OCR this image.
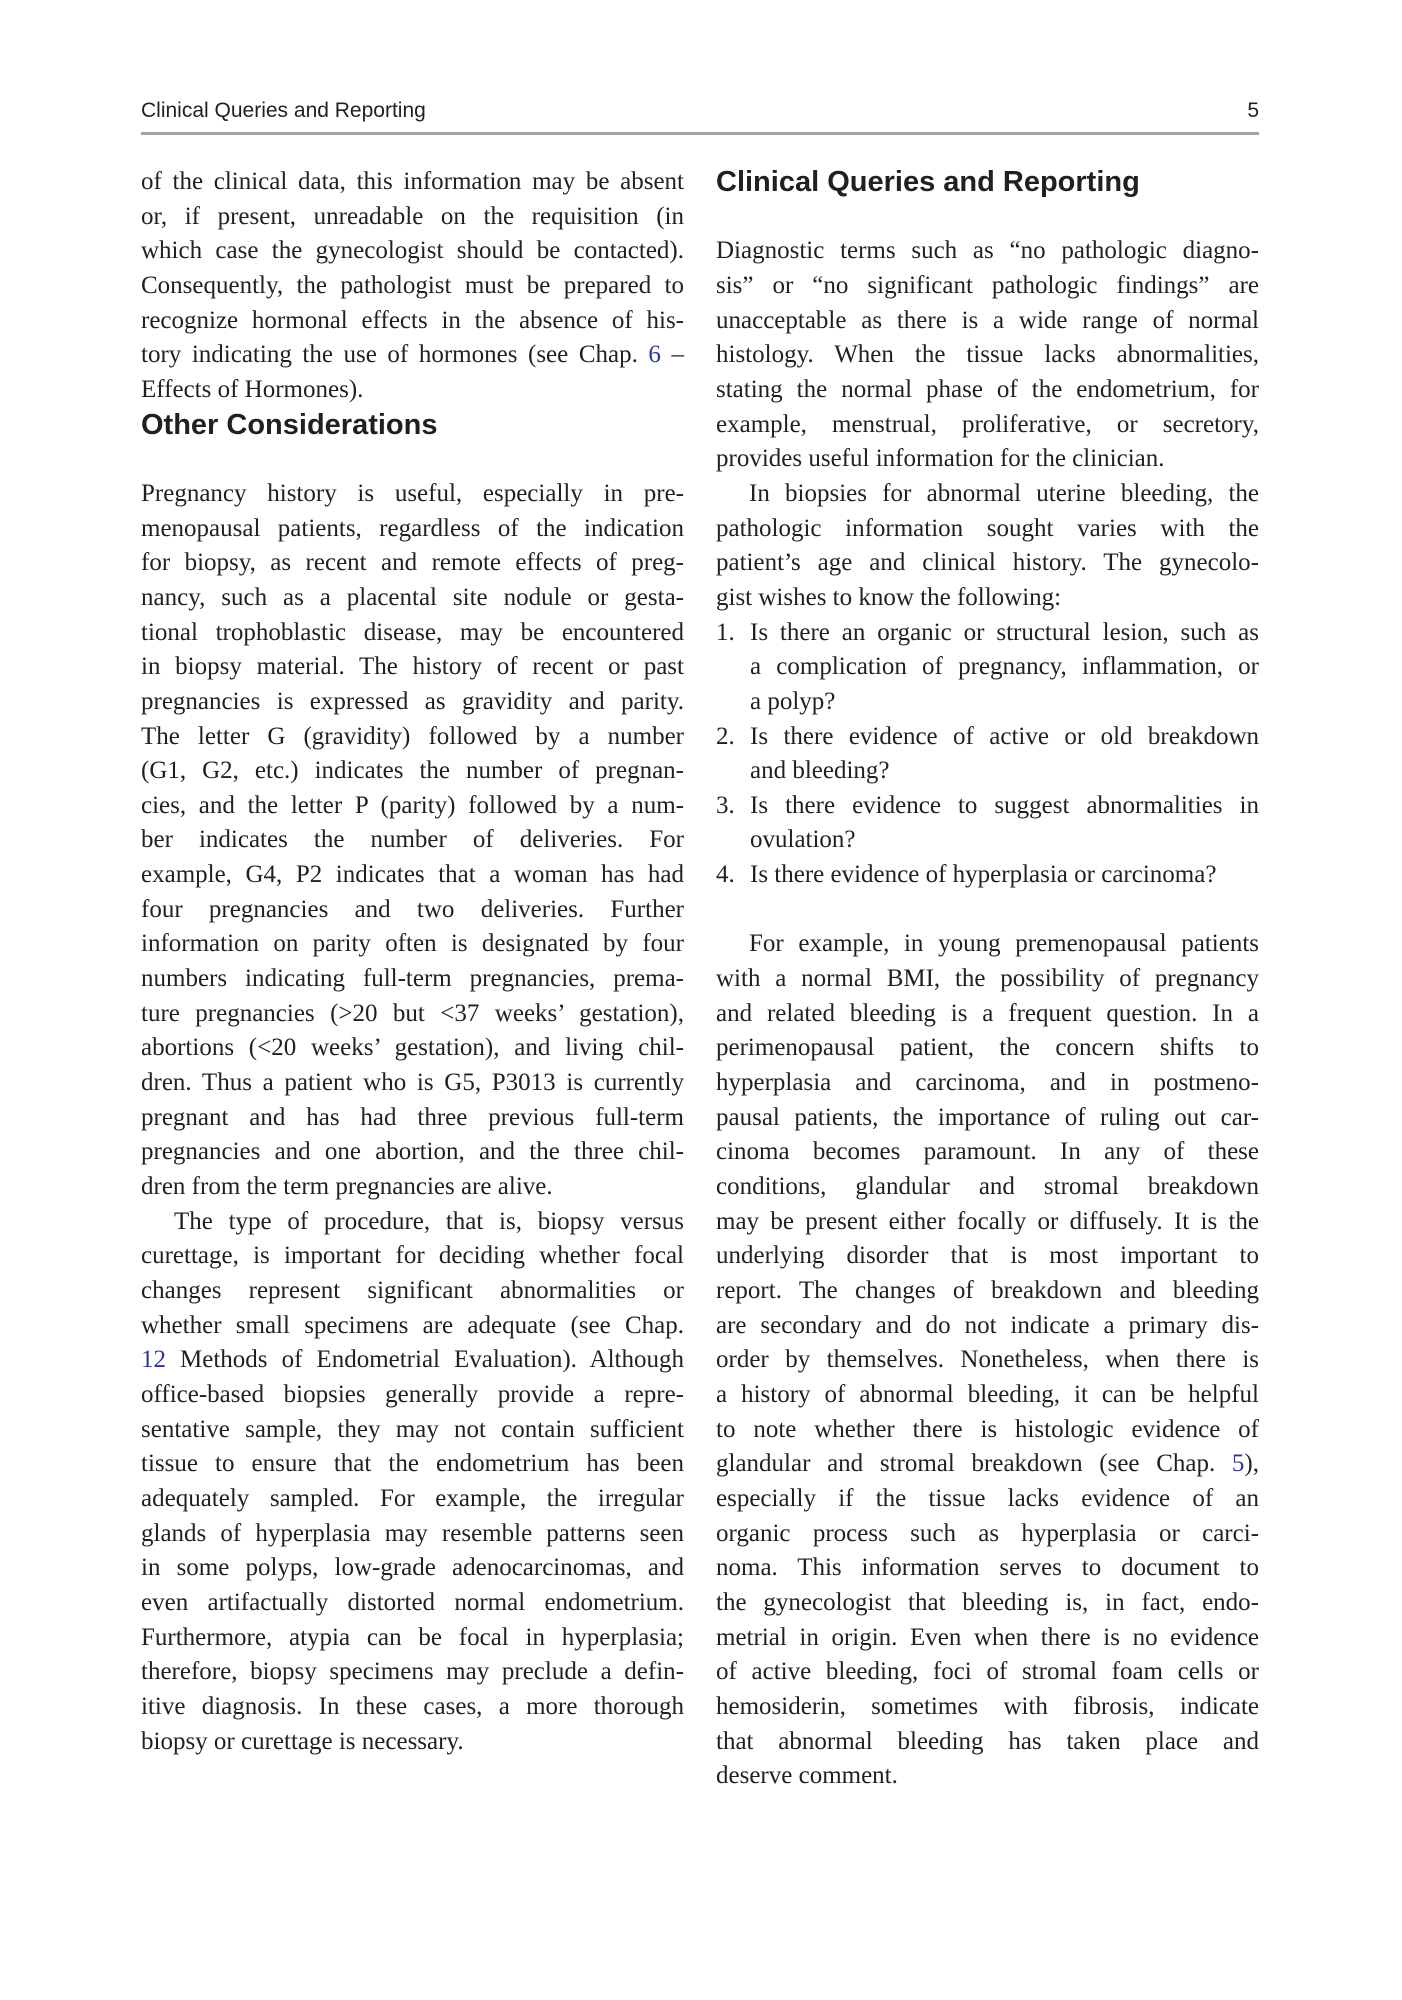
Clinical Queries and Reporting	5
of the clinical data, this information may be absent
or, if present, unreadable on the requisition (in
which case the gynecologist should be contacted).
Consequently, the pathologist must be prepared to
recognize hormonal effects in the absence of his-
tory indicating the use of hormones (see Chap. 6 –
Effects of Hormones).
Other Considerations
Pregnancy history is useful, especially in pre-
menopausal patients, regardless of the indication
for biopsy, as recent and remote effects of preg-
nancy, such as a placental site nodule or gesta-
tional trophoblastic disease, may be encountered
in biopsy material. The history of recent or past
pregnancies is expressed as gravidity and parity.
The letter G (gravidity) followed by a number
(G1, G2, etc.) indicates the number of pregnan-
cies, and the letter P (parity) followed by a num-
ber indicates the number of deliveries. For
example, G4, P2 indicates that a woman has had
four pregnancies and two deliveries. Further
information on parity often is designated by four
numbers indicating full-term pregnancies, prema-
ture pregnancies (>20 but <37 weeks’ gestation),
abortions (<20 weeks’ gestation), and living chil-
dren. Thus a patient who is G5, P3013 is currently
pregnant and has had three previous full-term
pregnancies and one abortion, and the three chil-
dren from the term pregnancies are alive.
The type of procedure, that is, biopsy versus
curettage, is important for deciding whether focal
changes represent significant abnormalities or
whether small specimens are adequate (see Chap.
12 Methods of Endometrial Evaluation). Although
office-based biopsies generally provide a repre-
sentative sample, they may not contain sufficient
tissue to ensure that the endometrium has been
adequately sampled. For example, the irregular
glands of hyperplasia may resemble patterns seen
in some polyps, low-grade adenocarcinomas, and
even artifactually distorted normal endometrium.
Furthermore, atypia can be focal in hyperplasia;
therefore, biopsy specimens may preclude a defin-
itive diagnosis. In these cases, a more thorough
biopsy or curettage is necessary.
Clinical Queries and Reporting
Diagnostic terms such as “no pathologic diagno-
sis” or “no significant pathologic findings” are
unacceptable as there is a wide range of normal
histology. When the tissue lacks abnormalities,
stating the normal phase of the endometrium, for
example, menstrual, proliferative, or secretory,
provides useful information for the clinician.
In biopsies for abnormal uterine bleeding, the
pathologic information sought varies with the
patient’s age and clinical history. The gynecolo-
gist wishes to know the following:
1. Is there an organic or structural lesion, such as
a complication of pregnancy, inflammation, or
a polyp?
2. Is there evidence of active or old breakdown
and bleeding?
3. Is there evidence to suggest abnormalities in
ovulation?
4. Is there evidence of hyperplasia or carcinoma?
For example, in young premenopausal patients
with a normal BMI, the possibility of pregnancy
and related bleeding is a frequent question. In a
perimenopausal patient, the concern shifts to
hyperplasia and carcinoma, and in postmeno-
pausal patients, the importance of ruling out car-
cinoma becomes paramount. In any of these
conditions, glandular and stromal breakdown
may be present either focally or diffusely. It is the
underlying disorder that is most important to
report. The changes of breakdown and bleeding
are secondary and do not indicate a primary dis-
order by themselves. Nonetheless, when there is
a history of abnormal bleeding, it can be helpful
to note whether there is histologic evidence of
glandular and stromal breakdown (see Chap. 5),
especially if the tissue lacks evidence of an
organic process such as hyperplasia or carci-
noma. This information serves to document to
the gynecologist that bleeding is, in fact, endo-
metrial in origin. Even when there is no evidence
of active bleeding, foci of stromal foam cells or
hemosiderin, sometimes with fibrosis, indicate
that abnormal bleeding has taken place and
deserve comment.
